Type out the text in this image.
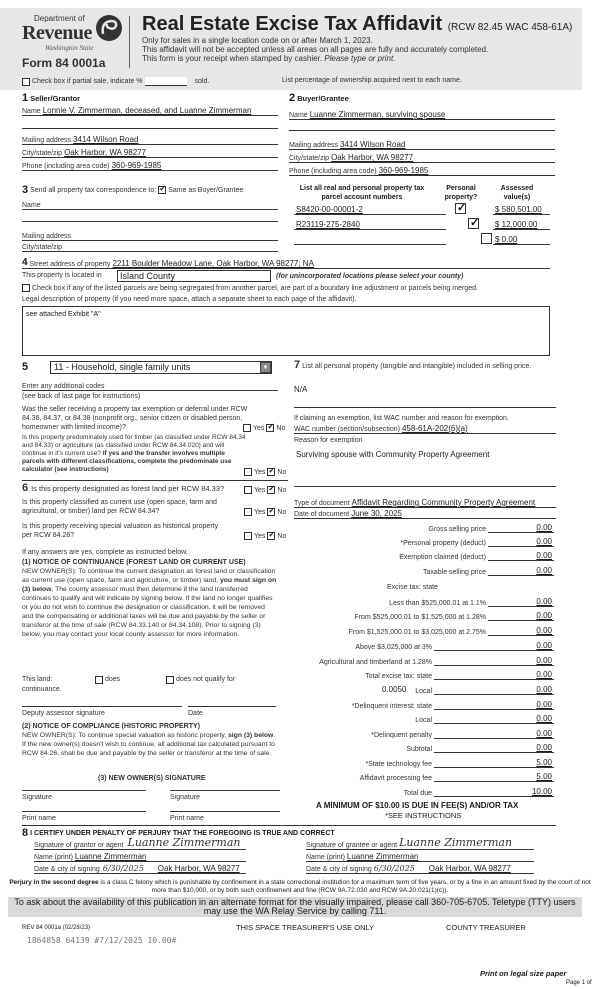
Department of
Revenue
Washington State
Form 84 0001a
Real Estate Excise Tax Affidavit (RCW 82.45 WAC 458-61A)
Only for sales in a single location code on or after March 1, 2023.
This affidavit will not be accepted unless all areas on all pages are fully and accurately completed.
This form is your receipt when stamped by cashier. Please type or print.
Check box if partial sale, indicate %	sold.	List percentage of ownership acquired next to each name.
1 Seller/Grantor
Name Lonnie V. Zimmerman, deceased, and Luanne Zimmerman
Mailing address 3414 Wilson Road
City/state/zip Oak Harbor, WA 98277
Phone (including area code) 360-969-1985
2 Buyer/Grantee
Name Luanne Zimmerman, surviving spouse
Mailing address 3414 Wilson Road
City/state/zip Oak Harbor, WA 98277
Phone (including area code) 360-969-1985
3 Send all property tax correspondence to: ✓ Same as Buyer/Grantee
Name
Mailing address
City/state/zip
List all real and personal property tax parcel account numbers
Personal property?
Assessed value(s)
S8420-00-00001-2 ✓	$ 580,501.00
R23119-275-2840 ✓	$ 12,000.00
$ 0.00
4
Street address of property 2211 Boulder Meadow Lane, Oak Harbor, WA 98277; NA
This property is located in	Island County	(for unincorporated locations please select your county)
Check box if any of the listed parcels are being segregated from another parcel, are part of a boundary line adjustment or parcels being merged.
Legal description of property (if you need more space, attach a separate sheet to each page of the affidavit).
see attached Exhibit "A"
5	11 - Household, single family units	▼
Enter any additional codes
(see back of last page for instructions)
Was the seller receiving a property tax exemption or deferral under RCW 84.36, 84.37, or 84.38 (nonprofit org., senior citizen or disabled person, homeowner with limited income)?	Yes ✓ No
Is this property predominately used for timber (as classified under RCW 84.34 and 84.33) or agriculture (as classified under RCW 84.34.020) and will continue in it's current use? If yes and the transfer involves multiple parcels with different classifications, complete the predominate use calculator (see instructions)	Yes ✓ No
6 Is this property designated as forest land per RCW 84.33?	Yes ✓ No
Is this property classified as current use (open space, farm and agricultural, or timber) land per RCW 84.34?	Yes ✓ No
Is this property receiving special valuation as historical property per RCW 84.26?	Yes ✓ No
If any answers are yes, complete as instructed below.
(1) NOTICE OF CONTINUANCE (FOREST LAND OR CURRENT USE)
NEW OWNER(S): To continue the current designation as forest land or classification as current use (open space, farm and agriculture, or timber) land, you must sign on (3) below. The county assessor must then determine if the land transferred continues to qualify and will indicate by signing below. If the land no longer qualifies or you do not wish to continue the designation or classification, it will be removed and the compensating or additional taxes will be due and payable by the seller or transferor at the time of sale (RCW 84.33.140 or 84.34.108). Prior to signing (3) below, you may contact your local county assessor for more information.
This land:	does	does not qualify for
continuance.
Deputy assessor signature	Date
(2) NOTICE OF COMPLIANCE (HISTORIC PROPERTY)
NEW OWNER(S): To continue special valuation as historic property, sign (3) below. If the new owner(s) doesn't wish to continue, all additional tax calculated pursuant to RCW 84.26, shall be due and payable by the seller or transferor at the time of sale.
(3) NEW OWNER(S) SIGNATURE
Signature	Signature
Print name	Print name
7 List all personal property (tangible and intangible) included in selling price.
N/A
If claiming an exemption, list WAC number and reason for exemption.
WAC number (section/subsection) 458-61A-202(6)(a)
Reason for exemption
Surviving spouse with Community Property Agreement
Type of document Affidavit Regarding Community Property Agreement
Date of document June 30, 2025
Gross selling price	0.00
*Personal property (deduct)	0.00
Exemption claimed (deduct)	0.00
Taxable selling price	0.00
Excise tax: state
Less than $525,000.01 at 1.1%	0.00
From $525,000.01 to $1,525,000 at 1.28%	0.00
From $1,525,000.01 to $3,025,000 at 2.75%	0.00
Above $3,025,000 at 3%	0.00
Agricultural and timberland at 1.28%	0.00
Total excise tax: state	0.00
0.0050 Local	0.00
*Delinquent interest: state	0.00
Local	0.00
*Delinquent penalty	0.00
Subtotal	0.00
*State technology fee	5.00
Affidavit processing fee	5.00
Total due	10.00
A MINIMUM OF $10.00 IS DUE IN FEE(S) AND/OR TAX
*SEE INSTRUCTIONS
8 I CERTIFY UNDER PENALTY OF PERJURY THAT THE FOREGOING IS TRUE AND CORRECT
Signature of grantor or agent Luanne Zimmerman
Name (print) Luanne Zimmerman
Date & city of signing 6/30/2025 Oak Harbor, WA 98277
Signature of grantee or agent Luanne Zimmerman
Name (print) Luanne Zimmerman
Date & city of signing 6/30/2025 Oak Harbor, WA 98277
Perjury in the second degree is a class C felony which is punishable by confinement in a state correctional institution for a maximum term of five years, or by a fine in an amount fixed by the court of not more than $10,000, or by both such confinement and fine (RCW 9A.72.030 and RCW 9A.20.021(1)(c)).
To ask about the availability of this publication in an alternate format for the visually impaired, please call 360-705-6705. Teletype (TTY) users may use the WA Relay Service by calling 711.
REV 84 0001a (02/28/23)	THIS SPACE TREASURER'S USE ONLY	COUNTY TREASURER
1864858 64139 #7/12/2025 10.00#
Print on legal size paper
Page 1 of
